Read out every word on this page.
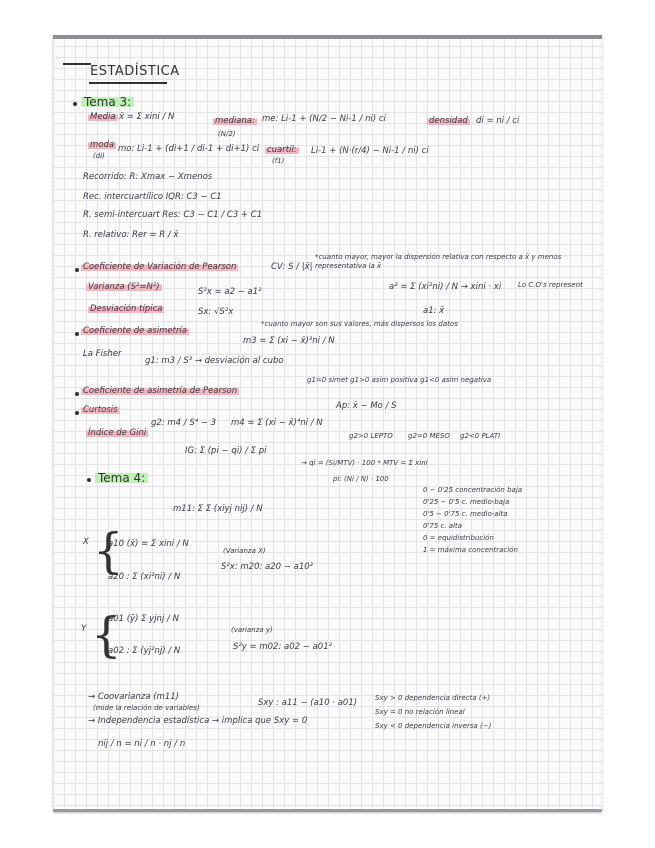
ESTADÍSTICA
Tema 3:
Media x̄ = Σ xini / N	mediana:
(N/2)
me: Li-1 + (N/2 − Ni-1 / ni) ci	densidad di = ni / ci
moda
(di)
mo: Li-1 + (di+1 / di-1 + di+1) ci cuartil:
(f1)
Li-1 + (N·(r/4) − Ni-1 / ni) ci
Recorrido: R: Xmax − Xmenos
Rec. intercuartílico IQR: C3 − C1
R. semi-intercuart Res: C3 − C1 / C3 + C1
R. relativo: Rer = R / x̄
Coeficiente de Variación de Pearson	CV: S / |x̄|
*cuanto mayor, mayor la dispersión relativa con respecto a x̄ y menos representativa la x̄
Varianza (S²=N²)	S²x = a2 − a1²	a² = Σ (xi²ni) / N → xini · xi Lo C.O's represent
a1: x̄
Desviación típica	Sx: √S²x
*cuanto mayor son sus valores, más dispersos los datos
Coeficiente de asimetría
m3 = Σ (xi − x̄)³ni / N
La Fisher
g1: m3 / S³ → desviación al cubo
g1=0 simet g1>0 asim positiva g1<0 asim negativa
Coeficiente de asimetría de Pearson
Ap: x̄ − Mo / S
Curtosis
g2: m4 / S⁴ − 3 m4 = Σ (xi − x̄)⁴ni / N
g2>0 LEPTO g2=0 MESO g2<0 PLATI
Índice de Gini
IG: Σ (pi − qi) / Σ pi
→ qi = (Si/MTV) · 100 * MTV = Σ xini
pi: (Ni / N) · 100
0 − 0'25 concentración baja
0'25 − 0'5 c. medio-baja
0'5 − 0'75 c. medio-alta
0'75 c. alta
0 = equidistribución
1 = máxima concentración
Tema 4:
m11: Σ Σ (xiyj nij) / N
X {
a10 (x̄) = Σ xini / N
(Varianza X)
S²x: m20: a20 − a10²
a20 : Σ (xi²ni) / N
Y {
a01 (ȳ) Σ yjnj / N
(varianza y)
S²y = m02: a02 − a01²
a02 : Σ (yj²nj) / N
→ Coovarianza (m11)
(mide la relación de variables)	Sxy : a11 − (a10 · a01)	Sxy > 0 dependencia directa (+)
Sxy = 0 no relación lineal
Sxy < 0 dependencia inversa (−)
→ Independencia estadística → implica que Sxy = 0
nij / n = ni / n · nj / n
